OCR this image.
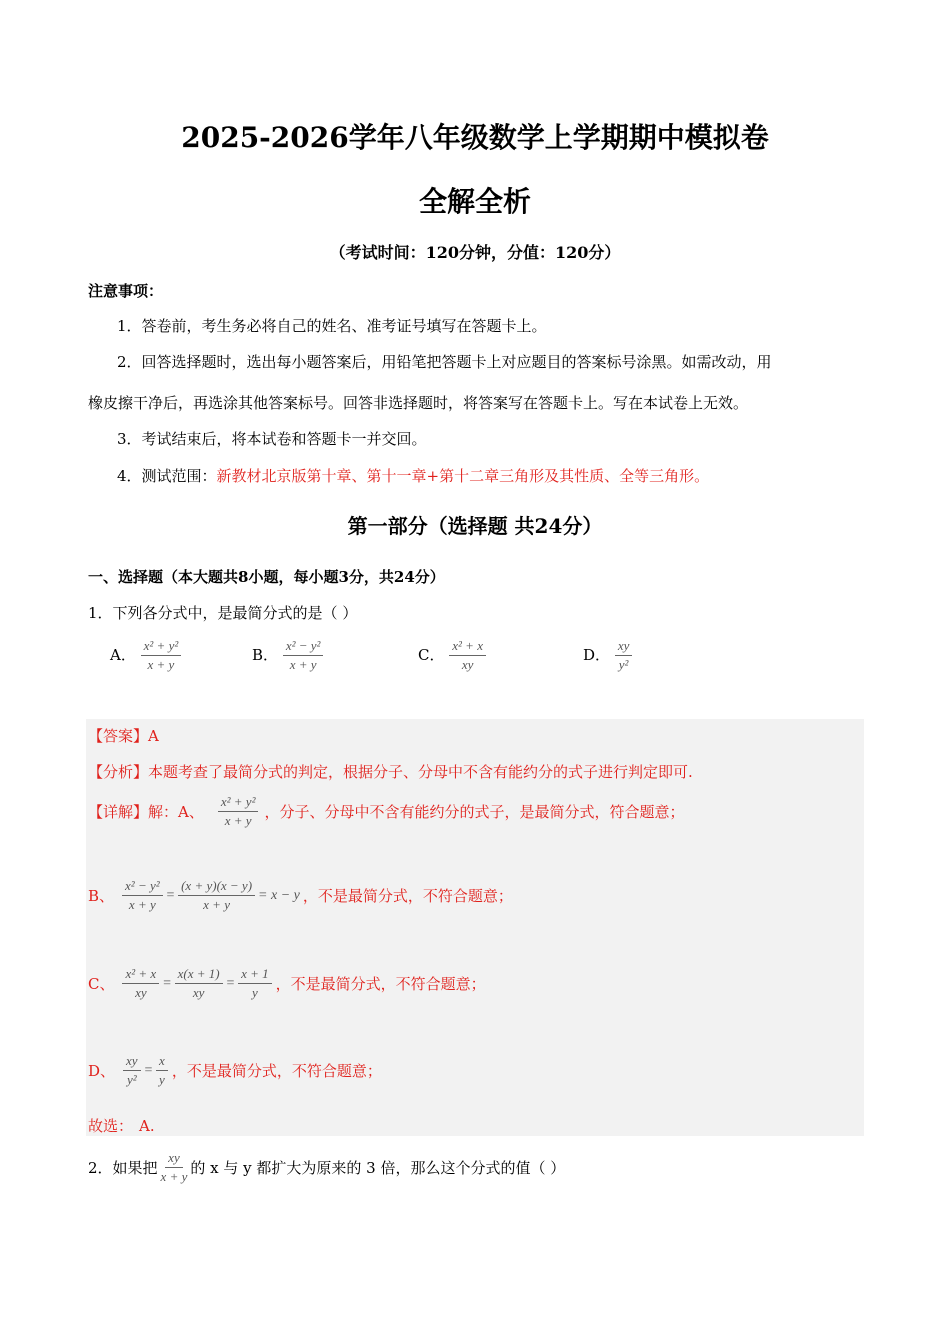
2025-2026学年八年级数学上学期期中模拟卷
全解全析
（考试时间：120分钟，分值：120分）
注意事项：
1．答卷前，考生务必将自己的姓名、准考证号填写在答题卡上。
2．回答选择题时，选出每小题答案后，用铅笔把答题卡上对应题目的答案标号涂黑。如需改动，用
橡皮擦干净后，再选涂其他答案标号。回答非选择题时，将答案写在答题卡上。写在本试卷上无效。
3．考试结束后，将本试卷和答题卡一并交回。
4．测试范围：新教材北京版第十章、第十一章+第十二章三角形及其性质、全等三角形。
第一部分（选择题 共24分）
一、选择题（本大题共8小题，每小题3分，共24分）
1．下列各分式中，是最简分式的是（ ）
A． $\frac{\text{x² + y²}}{x + y}$	B． $\frac{\text{x² − y²}}{x + y}$	C． $\frac{\text{x² + x}}{xy}$	D． $\frac{xy}{\text{y²}}$
【答案】A
【分析】本题考查了最简分式的判定，根据分子、分母中不含有能约分的式子进行判定即可.
【详解】 解：A、 $\frac{\text{x² + y²}}{x + y}$ ，分子、分母中不含有能约分的式子，是最简分式，符合题意；
B、 $\frac{\text{x² − y²}}{x + y} = \frac{(x + y)(x - y)}{x + y} = x - y$ ，不是最简分式，不符合题意；
C、 $\frac{\text{x² + x}}{xy} = \frac{x(x + 1)}{xy} = \frac{x + 1}{y}$ ，不是最简分式，不符合题意；
D、 $\frac{xy}{\text{y²}} = \frac{x}{y}$ ，不是最简分式，不符合题意；
故选： A.
2．如果把 $\frac{xy}{x + y}$ 的 x 与 y 都扩大为原来的 3 倍，那么这个分式的值（ ）
